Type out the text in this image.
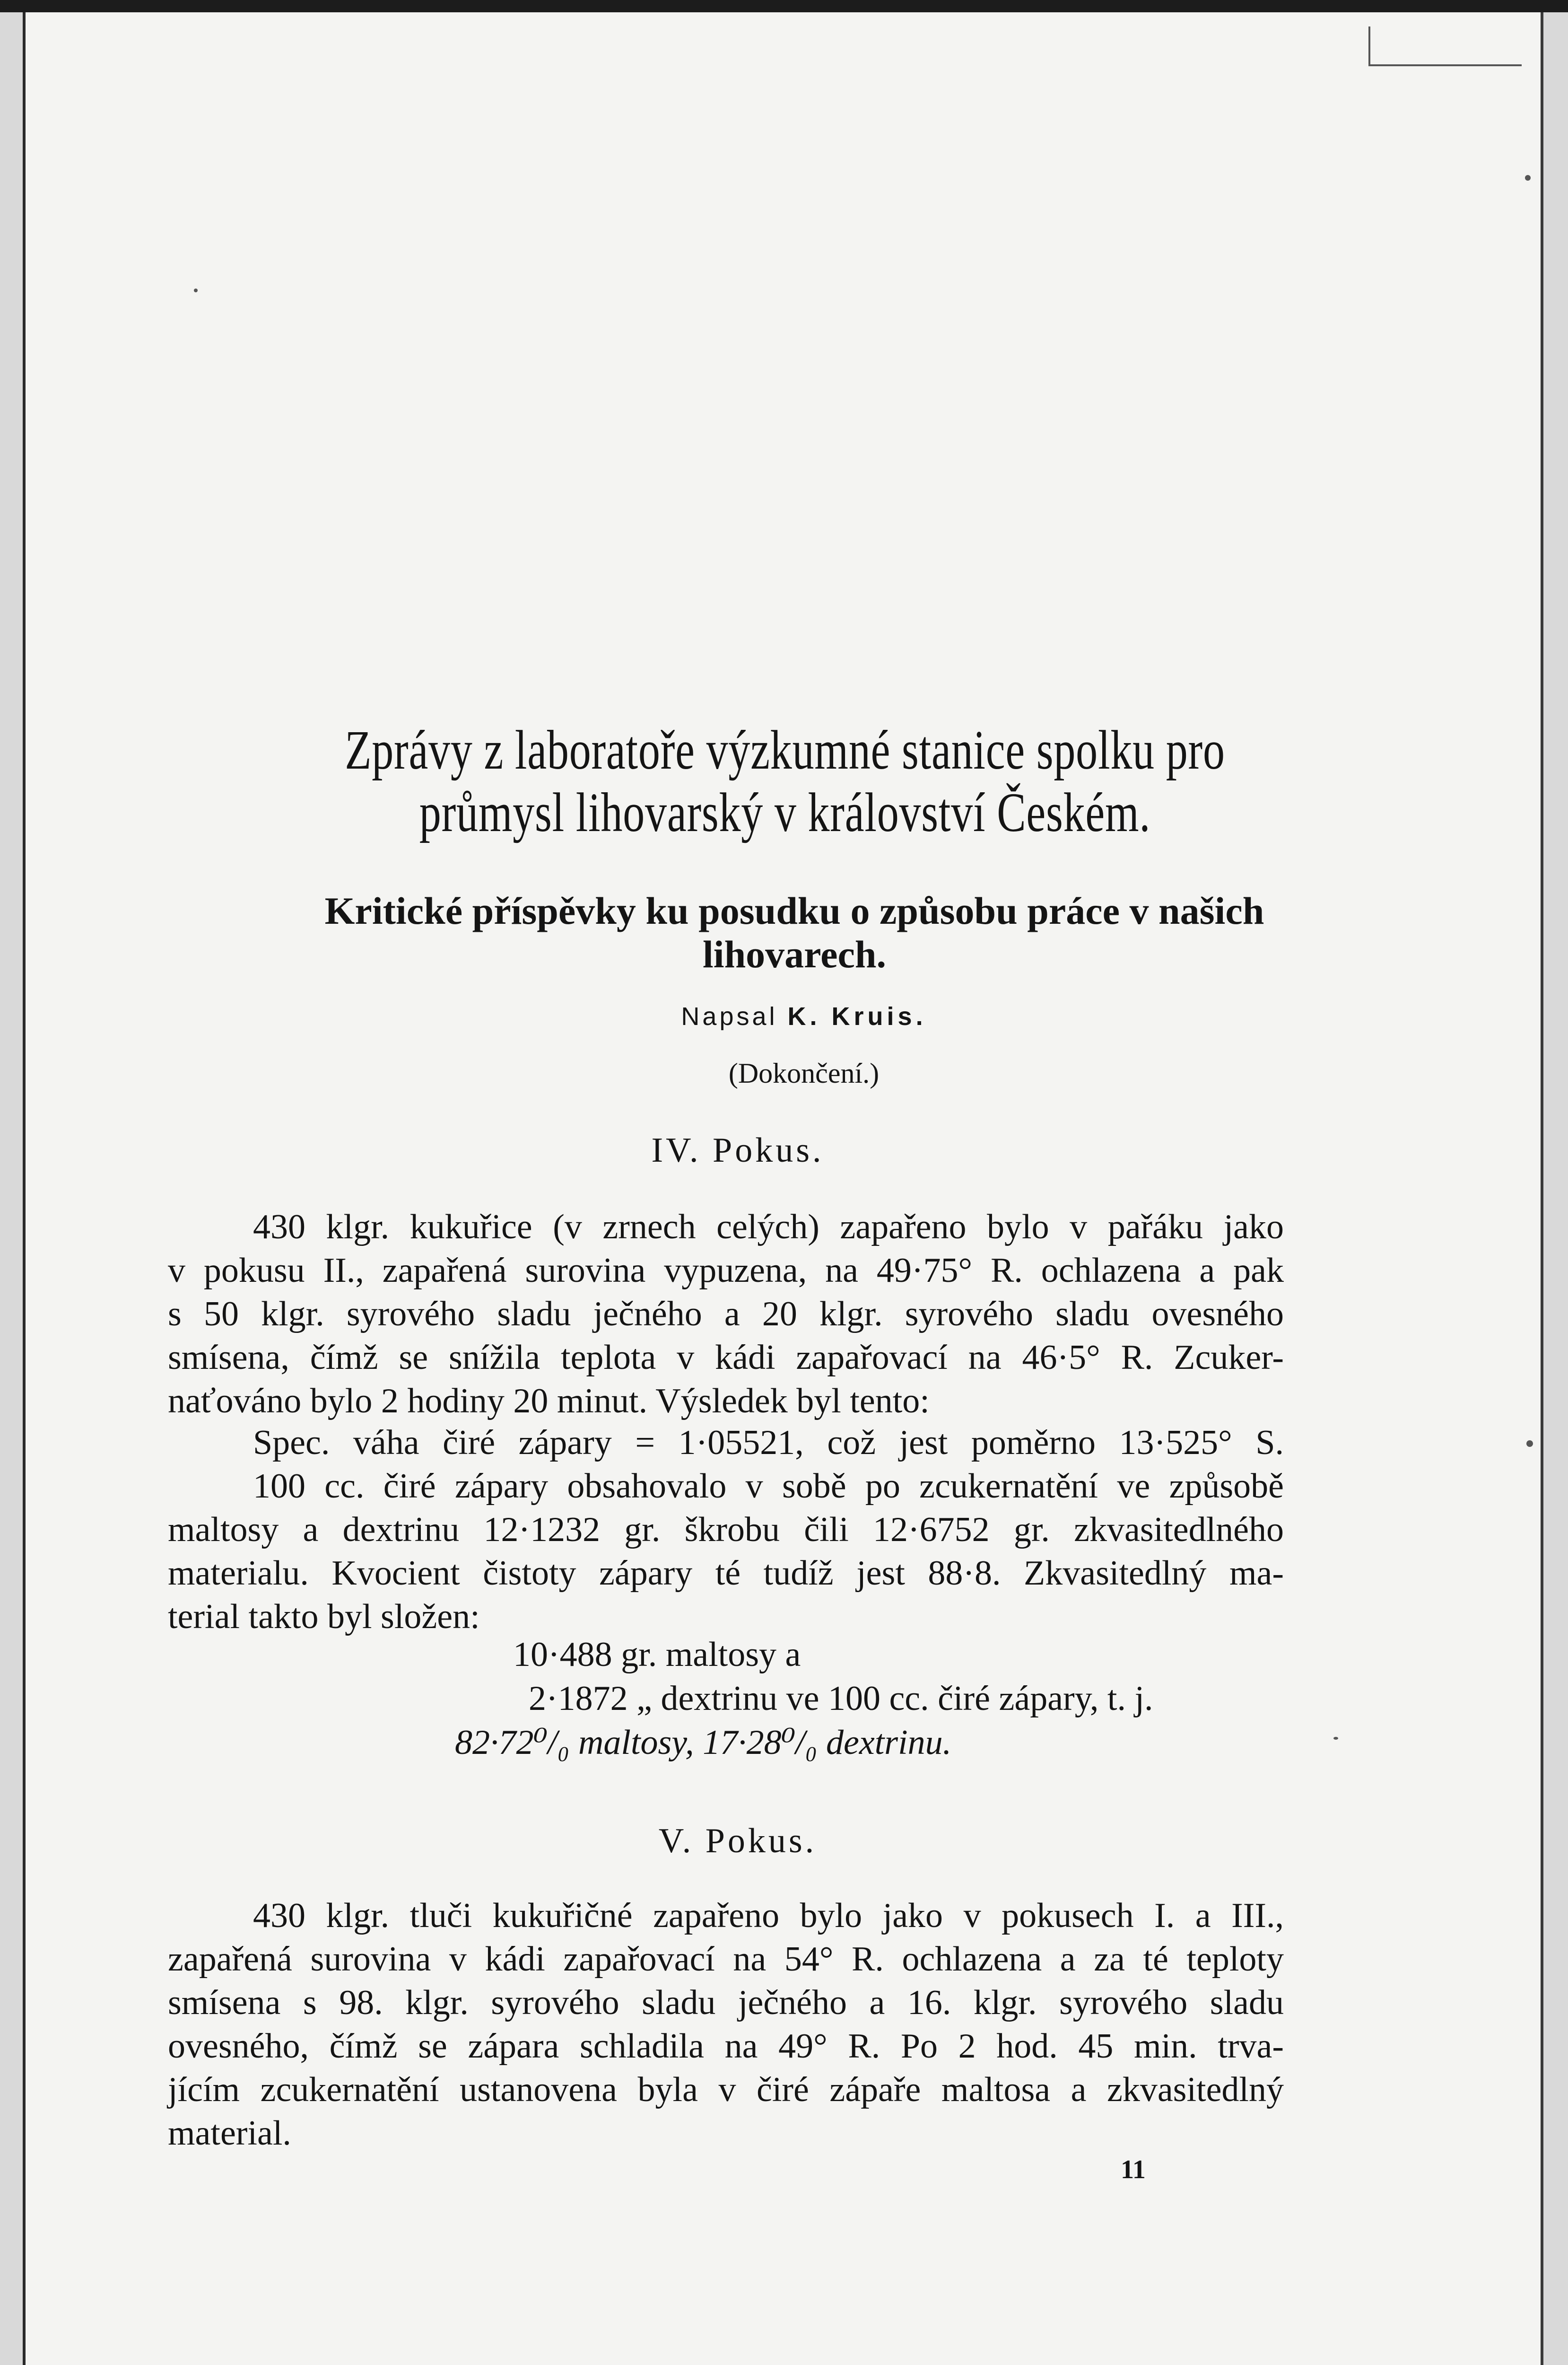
Zprávy z laboratoře výzkumné stanice spolku pro
průmysl lihovarský v království Českém.
Kritické příspěvky ku posudku o způsobu práce v našich
lihovarech.
Napsal K. Kruis.
(Dokončení.)
IV. Pokus.
430 klgr. kukuřice (v zrnech celých) zapařeno bylo v pařáku jako
v pokusu II., zapařená surovina vypuzena, na 49·75° R. ochlazena a pak
s 50 klgr. syrového sladu ječného a 20 klgr. syrového sladu ovesného
smísena, čímž se snížila teplota v kádi zapařovací na 46·5° R. Zcuker-
naťováno bylo 2 hodiny 20 minut. Výsledek byl tento:
Spec. váha čiré zápary = 1·05521, což jest poměrno 13·525° S.
100 cc. čiré zápary obsahovalo v sobě po zcukernatění ve způsobě
maltosy a dextrinu 12·1232 gr. škrobu čili 12·6752 gr. zkvasitedlného
materialu. Kvocient čistoty zápary té tudíž jest 88·8. Zkvasitedlný ma-
terial takto byl složen:
10·488 gr. maltosy a
2·1872 „ dextrinu ve 100 cc. čiré zápary, t. j.
82·72⁰/₀ maltosy, 17·28⁰/₀ dextrinu.
V. Pokus.
430 klgr. tluči kukuřičné zapařeno bylo jako v pokusech I. a III.,
zapařená surovina v kádi zapařovací na 54° R. ochlazena a za té teploty
smísena s 98. klgr. syrového sladu ječného a 16. klgr. syrového sladu
ovesného, čímž se zápara schladila na 49° R. Po 2 hod. 45 min. trva-
jícím zcukernatění ustanovena byla v čiré zápaře maltosa a zkvasitedlný
material.
11
